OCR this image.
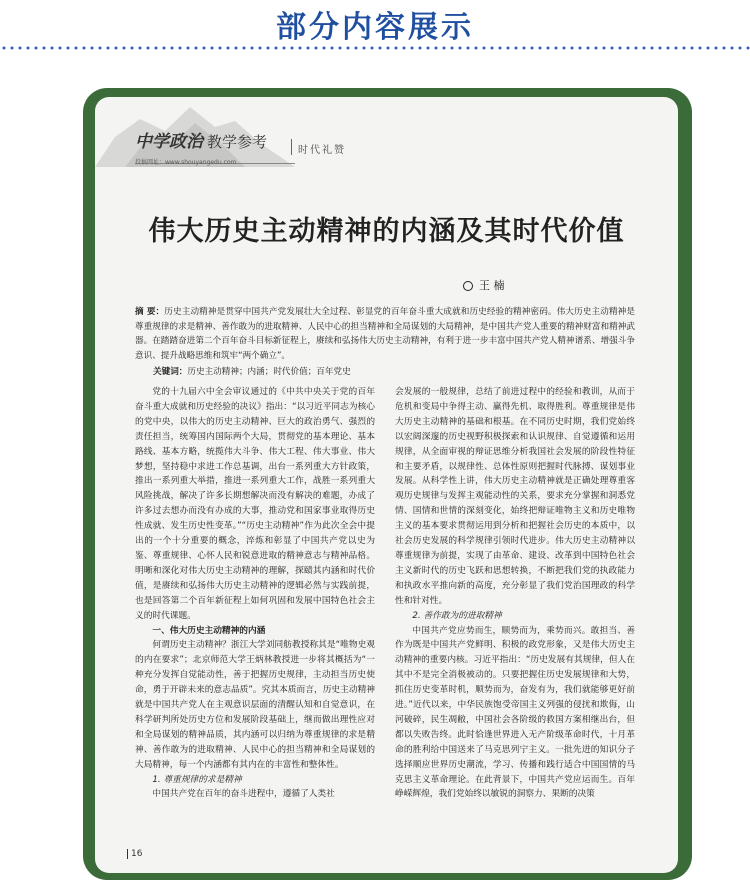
部分内容展示
中学政治 教学参考
投稿网址：www.shouyangedu.com
时代礼赞
伟大历史主动精神的内涵及其时代价值
王 楠
摘 要：历史主动精神是贯穿中国共产党发展壮大全过程、彰显党的百年奋斗重大成就和历史经验的精神密码。伟大历史主动精神是尊重规律的求是精神、善作敢为的进取精神、人民中心的担当精神和全局谋划的大局精神，是中国共产党人重要的精神财富和精神武器。在踏踏奋进第二个百年奋斗目标新征程上，赓续和弘扬伟大历史主动精神，有利于进一步丰富中国共产党人精神谱系、增强斗争意识、提升战略思维和筑牢“两个确立”。
关键词：历史主动精神；内涵；时代价值；百年党史

党的十九届六中全会审议通过的《中共中央关于党的百年奋斗重大成就和历史经验的决议》指出：“以习近平同志为核心的党中央，以伟大的历史主动精神、巨大的政治勇气、强烈的责任担当，统筹国内国际两个大局，贯彻党的基本理论、基本路线、基本方略，统揽伟大斗争、伟大工程、伟大事业、伟大梦想，坚持稳中求进工作总基调，出台一系列重大方针政策，推出一系列重大举措，推进一系列重大工作，战胜一系列重大风险挑战，解决了许多长期想解决而没有解决的难题，办成了许多过去想办而没有办成的大事，推动党和国家事业取得历史性成就、发生历史性变革。”“历史主动精神”作为此次全会中提出的一个十分重要的概念，淬炼和彰显了中国共产党以史为鉴、尊重规律、心怀人民和锐意进取的精神意志与精神品格。明晰和深化对伟大历史主动精神的理解，探赜其内涵和时代价值，是赓续和弘扬伟大历史主动精神的逻辑必然与实践前提，也是回答第二个百年新征程上如何巩固和发展中国特色社会主义的时代课题。

一、伟大历史主动精神的内涵

何谓历史主动精神？浙江大学刘同舫教授称其是“唯物史观的内在要求”；北京师范大学王炳林教授进一步将其概括为“一种充分发挥自觉能动性，善于把握历史规律，主动担当历史使命，勇于开辟未来的意志品质”。究其本质而言，历史主动精神就是中国共产党人在主观意识层面的清醒认知和自觉意识，在科学研判所处历史方位和发展阶段基础上，继而做出理性应对和全局谋划的精神品质，其内涵可以归纳为尊重规律的求是精神、善作敢为的进取精神、人民中心的担当精神和全局谋划的大局精神，每一个内涵都有其内在的丰富性和整体性。

1. 尊重规律的求是精神

中国共产党在百年的奋斗进程中，遵循了人类社

会发展的一般规律，总结了前进过程中的经验和教训，从而于危机和变局中争得主动、赢得先机、取得胜利。尊重规律是伟大历史主动精神的基础和根基。在不同历史时期，我们党始终以宏阔深邃的历史视野积极探索和认识规律、自觉遵循和运用规律，从全面审视的辩证思维分析我国社会发展的阶段性特征和主要矛盾，以规律性、总体性原则把握时代脉搏、谋划事业发展。从科学性上讲，伟大历史主动精神就是正确处理尊重客观历史规律与发挥主观能动性的关系，要求充分掌握和洞悉党情、国情和世情的深刻变化，始终把辩证唯物主义和历史唯物主义的基本要求贯彻运用到分析和把握社会历史的本质中，以社会历史发展的科学规律引领时代进步。伟大历史主动精神以尊重规律为前提，实现了由革命、建设、改革到中国特色社会主义新时代的历史飞跃和思想转换，不断把我们党的执政能力和执政水平推向新的高度，充分彰显了我们党治国理政的科学性和针对性。

2. 善作敢为的进取精神

中国共产党应势而生，顺势而为，乘势而兴。敢担当、善作为既是中国共产党鲜明、积极的政党形象，又是伟大历史主动精神的重要内核。习近平指出：“历史发展有其规律，但人在其中不是完全消极被动的。只要把握住历史发展规律和大势，抓住历史变革时机，顺势而为，奋发有为，我们就能够更好前进。”近代以来，中华民族饱受帝国主义列强的侵扰和欺侮，山河破碎，民生凋敝，中国社会各阶级的救国方案相继出台，但都以失败告终。此时恰逢世界进入无产阶级革命时代，十月革命的胜利给中国送来了马克思列宁主义。一批先进的知识分子选择顺应世界历史潮流，学习、传播和践行适合中国国情的马克思主义革命理论。在此背景下，中国共产党应运而生。百年峥嵘辉煌，我们党始终以敏锐的洞察力、果断的决策

16
